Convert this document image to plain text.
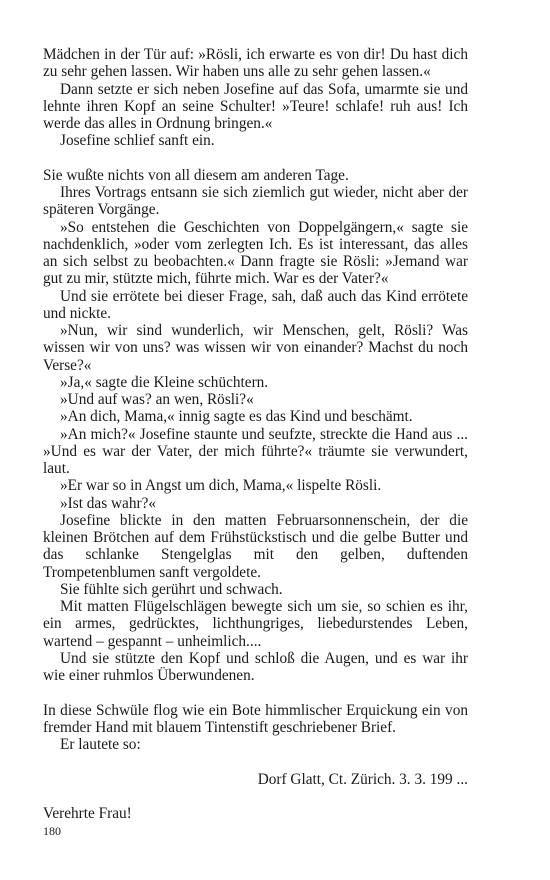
Mädchen in der Tür auf: »Rösli, ich erwarte es von dir! Du hast dich zu sehr gehen lassen. Wir haben uns alle zu sehr gehen lassen.«

Dann setzte er sich neben Josefine auf das Sofa, umarmte sie und lehnte ihren Kopf an seine Schulter! »Teure! schlafe! ruh aus! Ich werde das alles in Ordnung bringen.«

Josefine schlief sanft ein.

Sie wußte nichts von all diesem am anderen Tage.

Ihres Vortrags entsann sie sich ziemlich gut wieder, nicht aber der späteren Vorgänge.

»So entstehen die Geschichten von Doppelgängern,« sagte sie nachdenklich, »oder vom zerlegten Ich. Es ist interessant, das alles an sich selbst zu beobachten.« Dann fragte sie Rösli: »Jemand war gut zu mir, stützte mich, führte mich. War es der Vater?«

Und sie errötete bei dieser Frage, sah, daß auch das Kind errötete und nickte.

»Nun, wir sind wunderlich, wir Menschen, gelt, Rösli? Was wissen wir von uns? was wissen wir von einander? Machst du noch Verse?«

»Ja,« sagte die Kleine schüchtern.

»Und auf was? an wen, Rösli?«

»An dich, Mama,« innig sagte es das Kind und beschämt.

»An mich?« Josefine staunte und seufzte, streckte die Hand aus ... »Und es war der Vater, der mich führte?« träumte sie verwundert, laut.

»Er war so in Angst um dich, Mama,« lispelte Rösli.

»Ist das wahr?«

Josefine blickte in den matten Februarsonnenschein, der die kleinen Brötchen auf dem Frühstückstisch und die gelbe Butter und das schlanke Stengelglas mit den gelben, duftenden Trompetenblumen sanft vergoldete.

Sie fühlte sich gerührt und schwach.

Mit matten Flügelschlägen bewegte sich um sie, so schien es ihr, ein armes, gedrücktes, lichthungriges, liebedurstendes Leben, wartend – gespannt – unheimlich....

Und sie stützte den Kopf und schloß die Augen, und es war ihr wie einer ruhmlos Überwundenen.

In diese Schwüle flog wie ein Bote himmlischer Erquickung ein von fremder Hand mit blauem Tintenstift geschriebener Brief.

Er lautete so:

Dorf Glatt, Ct. Zürich. 3. 3. 199 ...

Verehrte Frau!

180
